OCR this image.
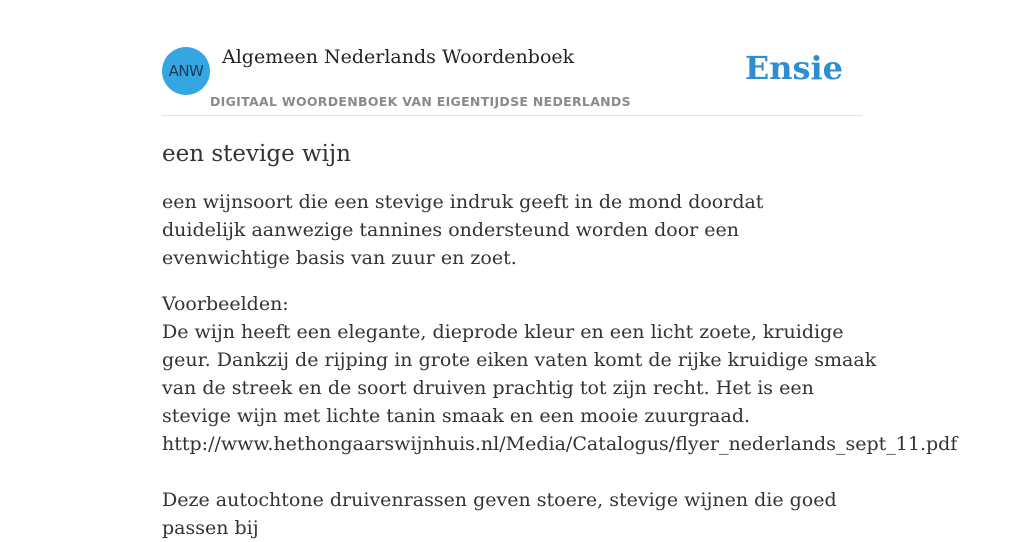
ANW
Algemeen Nederlands Woordenboek
DIGITAAL WOORDENBOEK VAN EIGENTIJDSE NEDERLANDS
Ensie
een stevige wijn

een wijnsoort die een stevige indruk geeft in de mond doordat duidelijk aanwezige tannines ondersteund worden door een evenwichtige basis van zuur en zoet.

Voorbeelden:

De wijn heeft een elegante, dieprode kleur en een licht zoete, kruidige geur. Dankzij de rijping in grote eiken vaten komt de rijke kruidige smaak van de streek en de soort druiven prachtig tot zijn recht. Het is een stevige wijn met lichte tanin smaak en een mooie zuurgraad.

http://www.hethongaarswijnhuis.nl/Media/Catalogus/flyer_nederlands_sept_11.pdf

Deze autochtone druivenrassen geven stoere, stevige wijnen die goed passen bij
